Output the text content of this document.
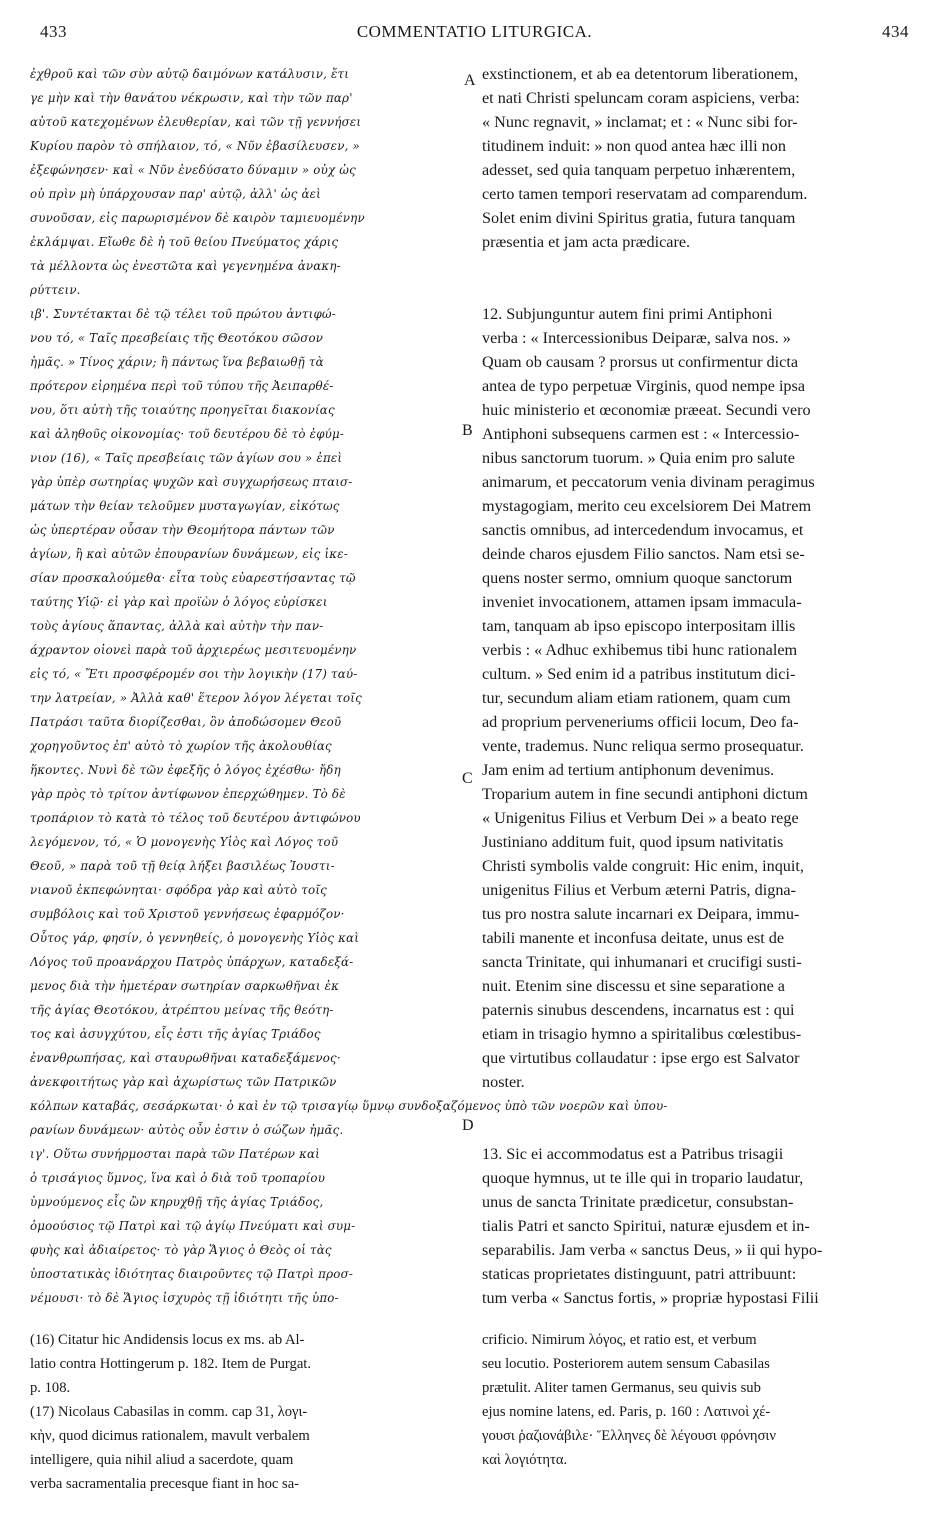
433	COMMENTATIO LITURGICA.	434
A
B
C
D
ἐχθροῦ καὶ τῶν σὺν αὐτῷ δαιμόνων κατάλυσιν, ἔτι
γε μὴν καὶ τὴν θανάτου νέκρωσιν, καὶ τὴν τῶν παρ'
αὐτοῦ κατεχομένων ἐλευθερίαν, καὶ τῶν τῇ γεννήσει
Κυρίου παρὸν τὸ σπήλαιον, τό, « Νῦν ἐβασίλευσεν, »
ἐξεφώνησεν· καὶ « Νῦν ἐνεδύσατο δύναμιν » οὐχ ὡς
οὐ πρὶν μὴ ὑπάρχουσαν παρ' αὐτῷ, ἀλλ' ὡς ἀεὶ
συνοῦσαν, εἰς παρωρισμένον δὲ καιρὸν ταμιευομένην
ἐκλάμψαι. Εἴωθε δὲ ἡ τοῦ θείου Πνεύματος χάρις
τὰ μέλλοντα ὡς ἐνεστῶτα καὶ γεγενημένα ἀνακη-
ρύττειν.
ιβ'. Συντέτακται δὲ τῷ τέλει τοῦ πρώτου ἀντιφώ-
νου τό, « Ταῖς πρεσβείαις τῆς Θεοτόκου σῶσον
ἡμᾶς. » Τίνος χάριν; ἢ πάντως ἵνα βεβαιωθῇ τὰ
πρότερον εἰρημένα περὶ τοῦ τύπου τῆς Ἀειπαρθέ-
νου, ὅτι αὐτὴ τῆς τοιαύτης προηγεῖται διακονίας
καὶ ἀληθοῦς οἰκονομίας· τοῦ δευτέρου δὲ τὸ ἐφύμ-
νιον (16), « Ταῖς πρεσβείαις τῶν ἁγίων σου » ἐπεὶ
γὰρ ὑπὲρ σωτηρίας ψυχῶν καὶ συγχωρήσεως πταισ-
μάτων τὴν θείαν τελοῦμεν μυσταγωγίαν, εἰκότως
ὡς ὑπερτέραν οὖσαν τὴν Θεομήτορα πάντων τῶν
ἁγίων, ἢ καὶ αὐτῶν ἐπουρανίων δυνάμεων, εἰς ἱκε-
σίαν προσκαλούμεθα· εἶτα τοὺς εὐαρεστήσαντας τῷ
ταύτης Υἱῷ· εἰ γὰρ καὶ προϊὼν ὁ λόγος εὑρίσκει
τοὺς ἁγίους ἅπαντας, ἀλλὰ καὶ αὐτὴν τὴν παν-
άχραντον οἱονεὶ παρὰ τοῦ ἀρχιερέως μεσιτευομένην
εἰς τό, « Ἔτι προσφέρομέν σοι τὴν λογικὴν (17) ταύ-
την λατρείαν, » Ἀλλὰ καθ' ἕτερον λόγον λέγεται τοῖς
Πατράσι ταῦτα διορίζεσθαι, ὃν ἀποδώσομεν Θεοῦ
χορηγοῦντος ἐπ' αὐτὸ τὸ χωρίον τῆς ἀκολουθίας
ἥκοντες. Νυνὶ δὲ τῶν ἐφεξῆς ὁ λόγος ἐχέσθω· ἤδη
γὰρ πρὸς τὸ τρίτον ἀντίφωνον ἐπερχώθημεν. Τὸ δὲ
τροπάριον τὸ κατὰ τὸ τέλος τοῦ δευτέρου ἀντιφώνου
λεγόμενον, τό, « Ὁ μονογενὴς Υἱὸς καὶ Λόγος τοῦ
Θεοῦ, » παρὰ τοῦ τῇ θείᾳ λήξει βασιλέως Ἰουστι-
νιανοῦ ἐκπεφώνηται· σφόδρα γὰρ καὶ αὐτὸ τοῖς
συμβόλοις καὶ τοῦ Χριστοῦ γεννήσεως ἐφαρμόζον·
Οὗτος γάρ, φησίν, ὁ γεννηθείς, ὁ μονογενὴς Υἱὸς καὶ
Λόγος τοῦ προανάρχου Πατρὸς ὑπάρχων, καταδεξά-
μενος διὰ τὴν ἡμετέραν σωτηρίαν σαρκωθῆναι ἐκ
τῆς ἁγίας Θεοτόκου, ἀτρέπτου μείνας τῆς θεότη-
τος καὶ ἀσυγχύτου, εἷς ἐστι τῆς ἁγίας Τριάδος
ἐνανθρωπήσας, καὶ σταυρωθῆναι καταδεξάμενος·
ἀνεκφοιτήτως γὰρ καὶ ἀχωρίστως τῶν Πατρικῶν
κόλπων καταβάς, σεσάρκωται· ὁ καὶ ἐν τῷ τρισαγίῳ ὕμνῳ συνδοξαζόμενος ὑπὸ τῶν νοερῶν καὶ ὑπου-
ρανίων δυνάμεων· αὐτὸς οὖν ἐστιν ὁ σώζων ἡμᾶς.
ιγ'. Οὕτω συνήρμοσται παρὰ τῶν Πατέρων καὶ
ὁ τρισάγιος ὕμνος, ἵνα καὶ ὁ διὰ τοῦ τροπαρίου
ὑμνούμενος εἷς ὢν κηρυχθῇ τῆς ἁγίας Τριάδος,
ὁμοούσιος τῷ Πατρὶ καὶ τῷ ἁγίῳ Πνεύματι καὶ συμ-
φυὴς καὶ ἀδιαίρετος· τὸ γὰρ Ἅγιος ὁ Θεὸς οἱ τὰς
ὑποστατικὰς ἰδιότητας διαιροῦντες τῷ Πατρὶ προσ-
νέμουσι· τὸ δὲ Ἅγιος ἰσχυρὸς τῇ ἰδιότητι τῆς ὑπο-
(16) Citatur hic Andidensis locus ex ms. ab Al-
latio contra Hottingerum p. 182. Item de Purgat.
p. 108.
(17) Nicolaus Cabasilas in comm. cap 31, λογι-
κὴν, quod dicimus rationalem, mavult verbalem
intelligere, quia nihil aliud a sacerdote, quam
verba sacramentalia precesque fiant in hoc sa-
exstinctionem, et ab ea detentorum liberationem,
et nati Christi speluncam coram aspiciens, verba:
« Nunc regnavit, » inclamat; et : « Nunc sibi for-
titudinem induit: » non quod antea hæc illi non
adesset, sed quia tanquam perpetuo inhærentem,
certo tamen tempori reservatam ad comparendum.
Solet enim divini Spiritus gratia, futura tanquam
præsentia et jam acta prædicare.
12. Subjunguntur autem fini primi Antiphoni
verba : « Intercessionibus Deiparæ, salva nos. »
Quam ob causam ? prorsus ut confirmentur dicta
antea de typo perpetuæ Virginis, quod nempe ipsa
huic ministerio et œconomiæ præeat. Secundi vero
Antiphoni subsequens carmen est : « Intercessio-
nibus sanctorum tuorum. » Quia enim pro salute
animarum, et peccatorum venia divinam peragimus
mystagogiam, merito ceu excelsiorem Dei Matrem
sanctis omnibus, ad intercedendum invocamus, et
deinde charos ejusdem Filio sanctos. Nam etsi se-
quens noster sermo, omnium quoque sanctorum
inveniet invocationem, attamen ipsam immacula-
tam, tanquam ab ipso episcopo interpositam illis
verbis : « Adhuc exhibemus tibi hunc rationalem
cultum. » Sed enim id a patribus institutum dici-
tur, secundum aliam etiam rationem, quam cum
ad proprium perveneriums officii locum, Deo fa-
vente, trademus. Nunc reliqua sermo prosequatur.
Jam enim ad tertium antiphonum devenimus.
Troparium autem in fine secundi antiphoni dictum
« Unigenitus Filius et Verbum Dei » a beato rege
Justiniano additum fuit, quod ipsum nativitatis
Christi symbolis valde congruit: Hic enim, inquit,
unigenitus Filius et Verbum æterni Patris, digna-
tus pro nostra salute incarnari ex Deipara, immu-
tabili manente et inconfusa deitate, unus est de
sancta Trinitate, qui inhumanari et crucifigi susti-
nuit. Etenim sine discessu et sine separatione a
paternis sinubus descendens, incarnatus est : qui
etiam in trisagio hymno a spiritalibus cœlestibus-
que virtutibus collaudatur : ipse ergo est Salvator
noster.
13. Sic ei accommodatus est a Patribus trisagii
quoque hymnus, ut te ille qui in tropario laudatur,
unus de sancta Trinitate prædicetur, consubstan-
tialis Patri et sancto Spiritui, naturæ ejusdem et in-
separabilis. Jam verba « sanctus Deus, » ii qui hypo-
staticas proprietates distinguunt, patri attribuunt:
tum verba « Sanctus fortis, » propriæ hypostasi Filii
crificio. Nimirum λόγος, et ratio est, et verbum
seu locutio. Posteriorem autem sensum Cabasilas
prætulit. Aliter tamen Germanus, seu quivis sub
ejus nomine latens, ed. Paris, p. 160 : Λατινοὶ χέ-
γουσι ῥαζιονάβιλε· Ἕλληνες δὲ λέγουσι φρόνησιν
καὶ λογιότητα.
